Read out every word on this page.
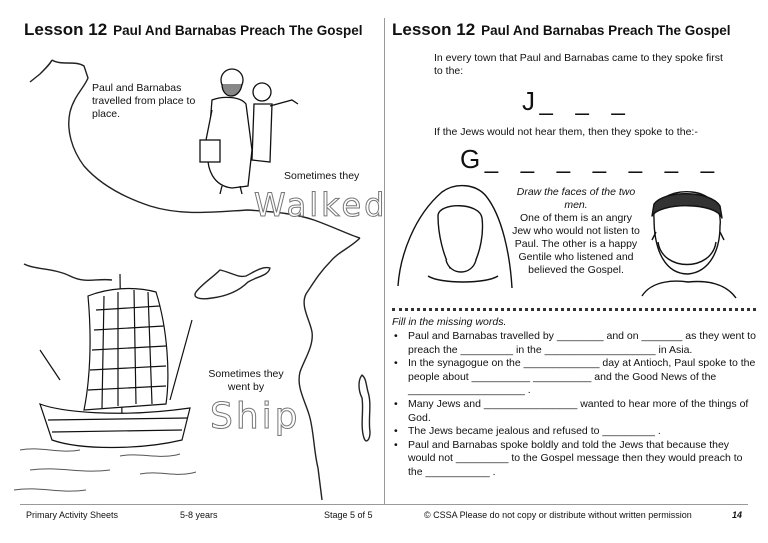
Lesson 12 Paul And Barnabas Preach The Gospel
Paul and Barnabas travelled from place to place.
Sometimes they
Walked
Sometimes they went by
Ship
Lesson 12 Paul And Barnabas Preach The Gospel
In every town that Paul and Barnabas came to they spoke first to the:
J _ _ _
If the Jews would not hear them, then they spoke to the:-
G _ _ _ _ _ _ _
Draw the faces of the two men.
One of them is an angry Jew who would not listen to Paul. The other is a happy Gentile who listened and believed the Gospel.
Fill in the missing words.
• Paul and Barnabas travelled by ________ and on _______ as they went to preach the _________ in the ___________________ in Asia.
• In the synagogue on the _____________ day at Antioch, Paul spoke to the people about __________ __________ and the Good News of the ____________________ .
• Many Jews and ________________ wanted to hear more of the things of God.
• The Jews became jealous and refused to _________ .
• Paul and Barnabas spoke boldly and told the Jews that because they would not _________ to the Gospel message then they would preach to the ___________ .
Primary Activity Sheets	5-8 years	Stage 5 of 5	© CSSA Please do not copy or distribute without written permission	14
